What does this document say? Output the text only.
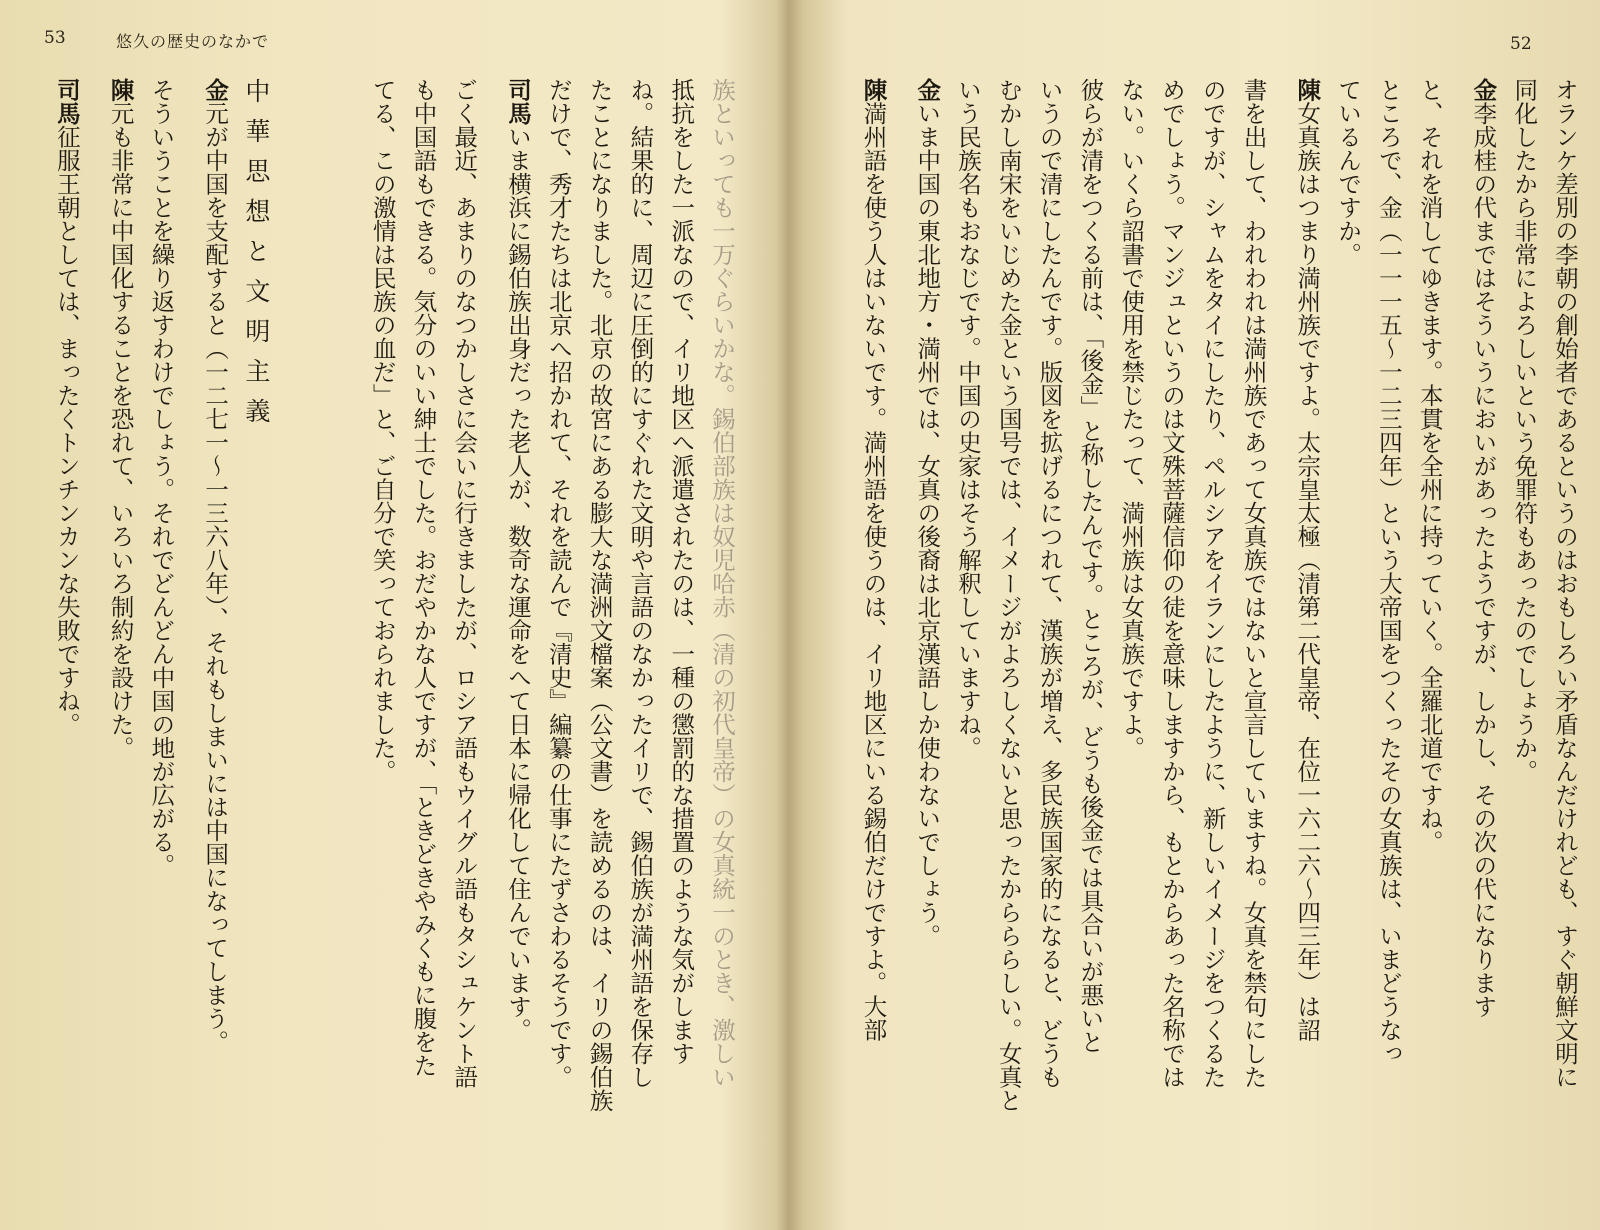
53	悠久の歴史のなかで

族といっても一万ぐらいかな。錫伯部族は奴児哈赤（清の初代皇帝）の女真統一のとき、激しい

抵抗をした一派なので、イリ地区へ派遣されたのは、一種の懲罰的な措置のような気がします

ね。結果的に、周辺に圧倒的にすぐれた文明や言語のなかったイリで、錫伯族が満州語を保存し

たことになりました。北京の故宮にある膨大な満洲文檔案（公文書）を読めるのは、イリの錫伯族

だけで、秀才たちは北京へ招かれて、それを読んで『清史』編纂の仕事にたずさわるそうです。

司馬いま横浜に錫伯族出身だった老人が、数奇な運命をへて日本に帰化して住んでいます。

ごく最近、あまりのなつかしさに会いに行きましたが、ロシア語もウイグル語もタシュケント語

も中国語もできる。気分のいい紳士でした。おだやかな人ですが、「ときどきやみくもに腹をた

てる、この激情は民族の血だ」と、ご自分で笑っておられました。

中華思想と文明主義

金元が中国を支配すると（一二七一〜一三六八年）、それもしまいには中国になってしまう。

そういうことを繰り返すわけでしょう。それでどんどん中国の地が広がる。

陳元も非常に中国化することを恐れて、いろいろ制約を設けた。

司馬征服王朝としては、まったくトンチンカンな失敗ですね。

52

オランケ差別の李朝の創始者であるというのはおもしろい矛盾なんだけれども、すぐ朝鮮文明に

同化したから非常によろしいという免罪符もあったのでしょうか。

金李成桂の代まではそういうにおいがあったようですが、しかし、その次の代になります

と、それを消してゆきます。本貫を全州に持っていく。全羅北道ですね。

ところで、金（一一一五〜一二三四年）という大帝国をつくったその女真族は、いまどうなっ

ているんですか。

陳女真族はつまり満州族ですよ。太宗皇太極（清第二代皇帝、在位一六二六〜四三年）は詔

書を出して、われわれは満州族であって女真族ではないと宣言していますね。女真を禁句にした

のですが、シャムをタイにしたり、ペルシアをイランにしたように、新しいイメージをつくるた

めでしょう。マンジュというのは文殊菩薩信仰の徒を意味しますから、もとからあった名称では

ない。いくら詔書で使用を禁じたって、満州族は女真族ですよ。

彼らが清をつくる前は、「後金」と称したんです。ところが、どうも後金では具合いが悪いと

いうので清にしたんです。版図を拡げるにつれて、漢族が増え、多民族国家的になると、どうも

むかし南宋をいじめた金という国号では、イメージがよろしくないと思ったからららしい。女真と

いう民族名もおなじです。中国の史家はそう解釈していますね。

金いま中国の東北地方・満州では、女真の後裔は北京漢語しか使わないでしょう。

陳満州語を使う人はいないです。満州語を使うのは、イリ地区にいる錫伯だけですよ。大部
